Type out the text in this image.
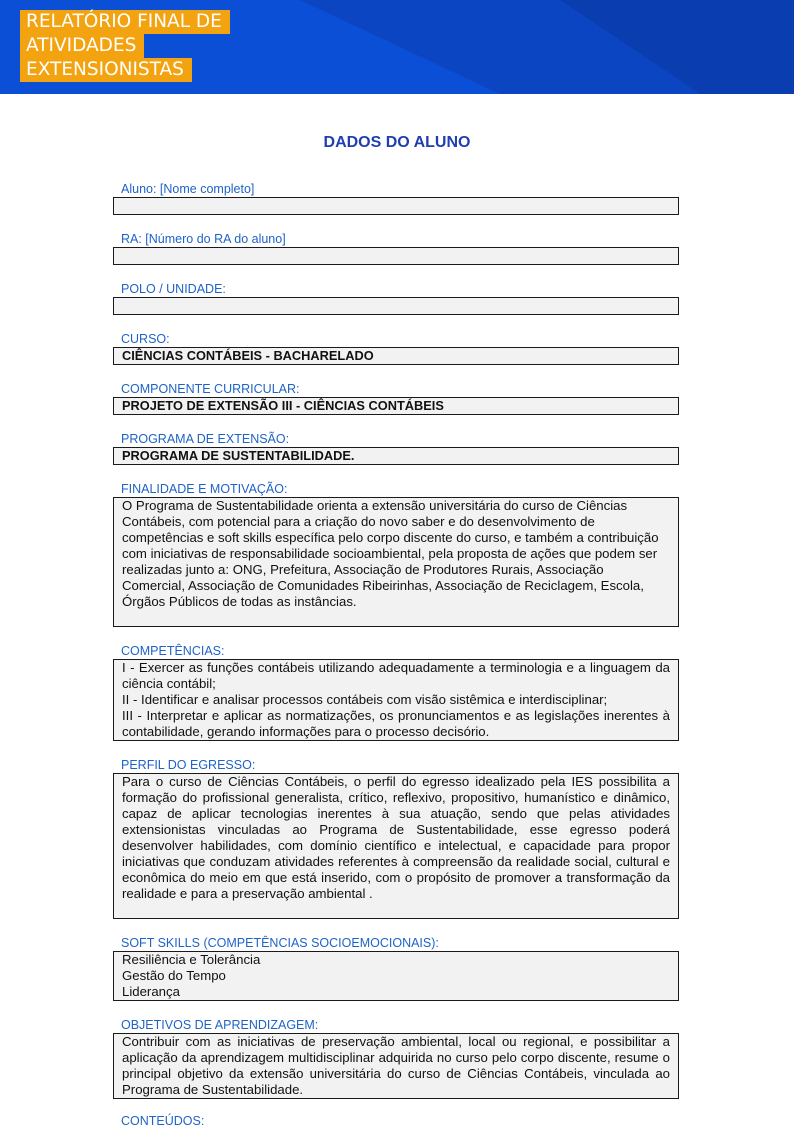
RELATÓRIO FINAL DE
ATIVIDADES
EXTENSIONISTAS
DADOS DO ALUNO
Aluno: [Nome completo]
RA: [Número do RA do aluno]
POLO / UNIDADE:
CURSO:
CIÊNCIAS CONTÁBEIS - BACHARELADO
COMPONENTE CURRICULAR:
PROJETO DE EXTENSÃO III - CIÊNCIAS CONTÁBEIS
PROGRAMA DE EXTENSÃO:
PROGRAMA DE SUSTENTABILIDADE.
FINALIDADE E MOTIVAÇÃO:
O Programa de Sustentabilidade orienta a extensão universitária do curso de Ciências Contábeis, com potencial para a criação do novo saber e do desenvolvimento de competências e soft skills específica pelo corpo discente do curso, e também a contribuição com iniciativas de responsabilidade socioambiental, pela proposta de ações que podem ser realizadas junto a: ONG, Prefeitura, Associação de Produtores Rurais, Associação Comercial, Associação de Comunidades Ribeirinhas, Associação de Reciclagem, Escola, Órgãos Públicos de todas as instâncias.
COMPETÊNCIAS:
I - Exercer as funções contábeis utilizando adequadamente a terminologia e a linguagem da ciência contábil;
II - Identificar e analisar processos contábeis com visão sistêmica e interdisciplinar;
III - Interpretar e aplicar as normatizações, os pronunciamentos e as legislações inerentes à contabilidade, gerando informações para o processo decisório.
PERFIL DO EGRESSO:
Para o curso de Ciências Contábeis, o perfil do egresso idealizado pela IES possibilita a formação do profissional generalista, crítico, reflexivo, propositivo, humanístico e dinâmico, capaz de aplicar tecnologias inerentes à sua atuação, sendo que pelas atividades extensionistas vinculadas ao Programa de Sustentabilidade, esse egresso poderá desenvolver habilidades, com domínio científico e intelectual, e capacidade para propor iniciativas que conduzam atividades referentes à compreensão da realidade social, cultural e econômica do meio em que está inserido, com o propósito de promover a transformação da realidade e para a preservação ambiental .
SOFT SKILLS (COMPETÊNCIAS SOCIOEMOCIONAIS):
Resiliência e Tolerância
Gestão do Tempo
Liderança
OBJETIVOS DE APRENDIZAGEM:
Contribuir com as iniciativas de preservação ambiental, local ou regional, e possibilitar a aplicação da aprendizagem multidisciplinar adquirida no curso pelo corpo discente, resume o principal objetivo da extensão universitária do curso de Ciências Contábeis, vinculada ao Programa de Sustentabilidade.
CONTEÚDOS:
